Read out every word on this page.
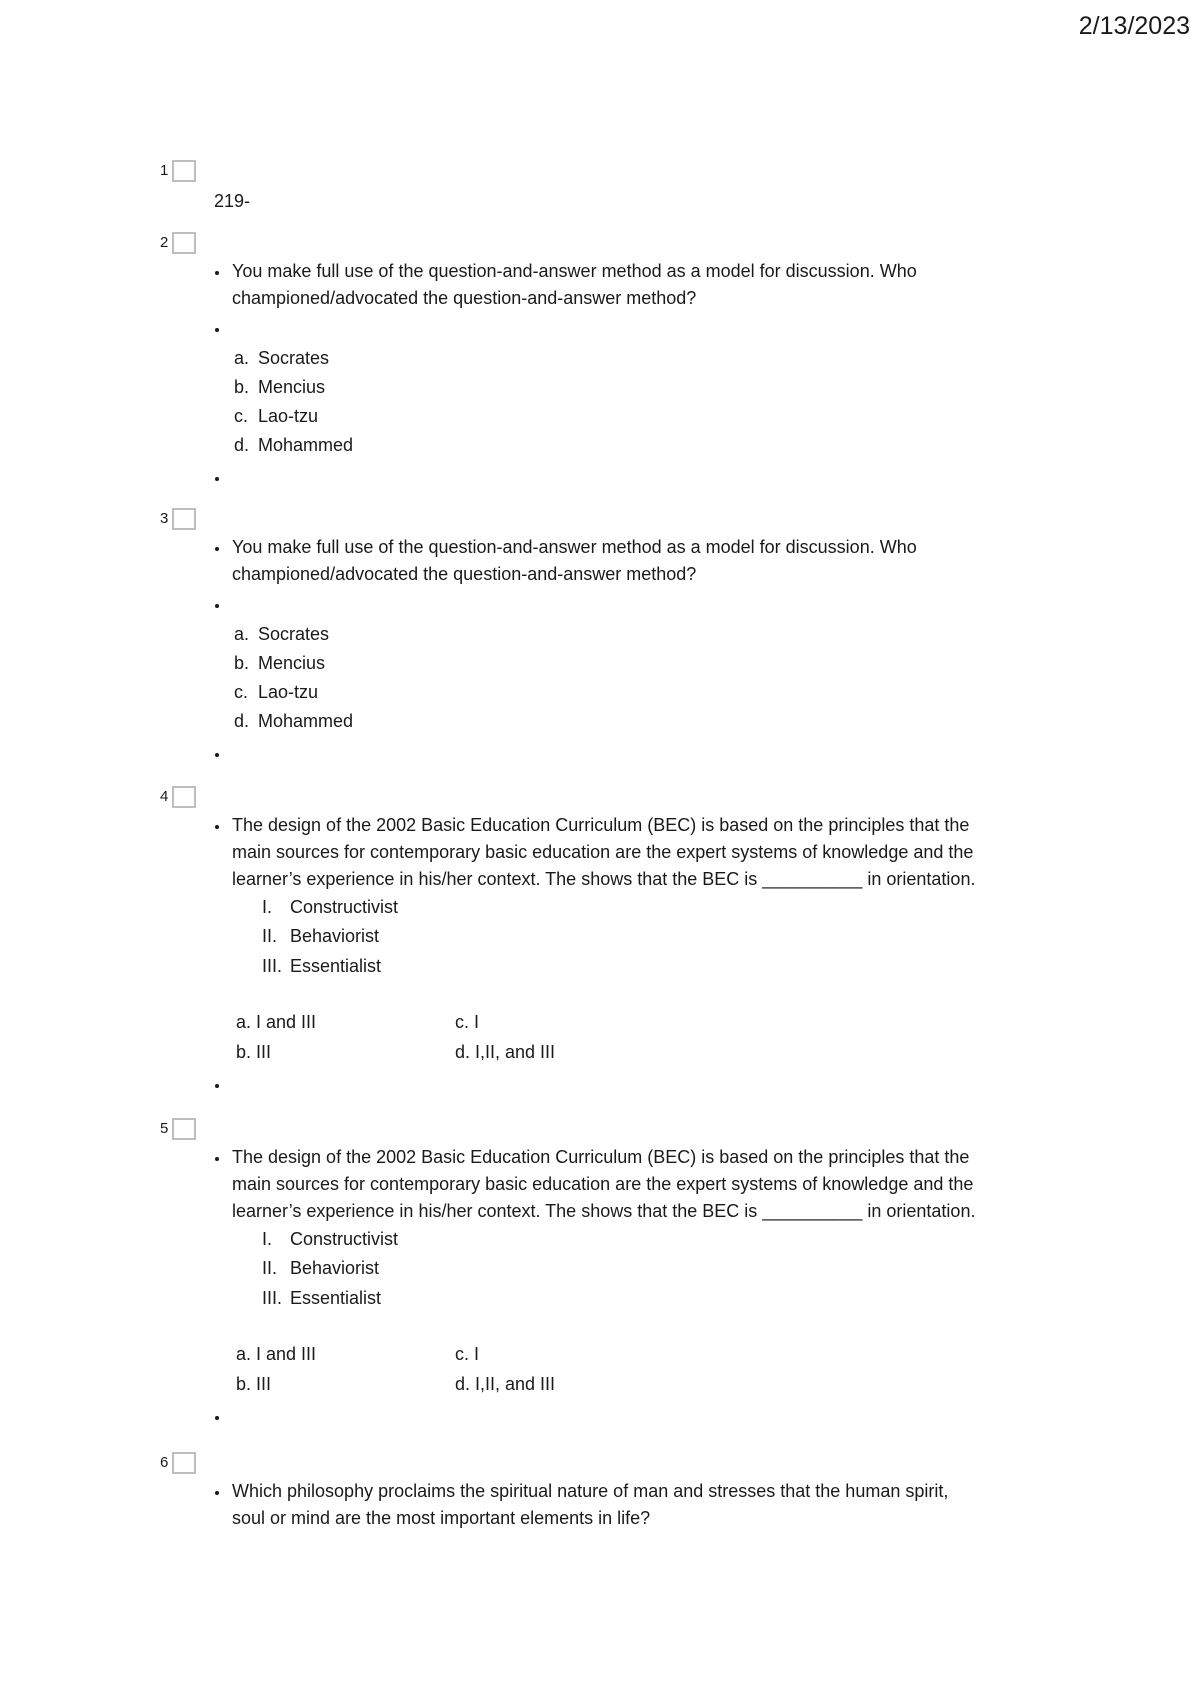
2/13/2023
1
219-
2
You make full use of the question-and-answer method as a model for discussion. Who
championed/advocated the question-and-answer method?
a. Socrates
b. Mencius
c. Lao-tzu
d. Mohammed
3
You make full use of the question-and-answer method as a model for discussion. Who
championed/advocated the question-and-answer method?
a. Socrates
b. Mencius
c. Lao-tzu
d. Mohammed
4
The design of the 2002 Basic Education Curriculum (BEC) is based on the principles that the
main sources for contemporary basic education are the expert systems of knowledge and the
learner’s experience in his/her context. The shows that the BEC is __________ in orientation.
I. Constructivist
II. Behaviorist
III. Essentialist
a. I and III	c. I
b. III	d. I,II, and III
5
The design of the 2002 Basic Education Curriculum (BEC) is based on the principles that the
main sources for contemporary basic education are the expert systems of knowledge and the
learner’s experience in his/her context. The shows that the BEC is __________ in orientation.
I. Constructivist
II. Behaviorist
III. Essentialist
a. I and III	c. I
b. III	d. I,II, and III
6
Which philosophy proclaims the spiritual nature of man and stresses that the human spirit,
soul or mind are the most important elements in life?
